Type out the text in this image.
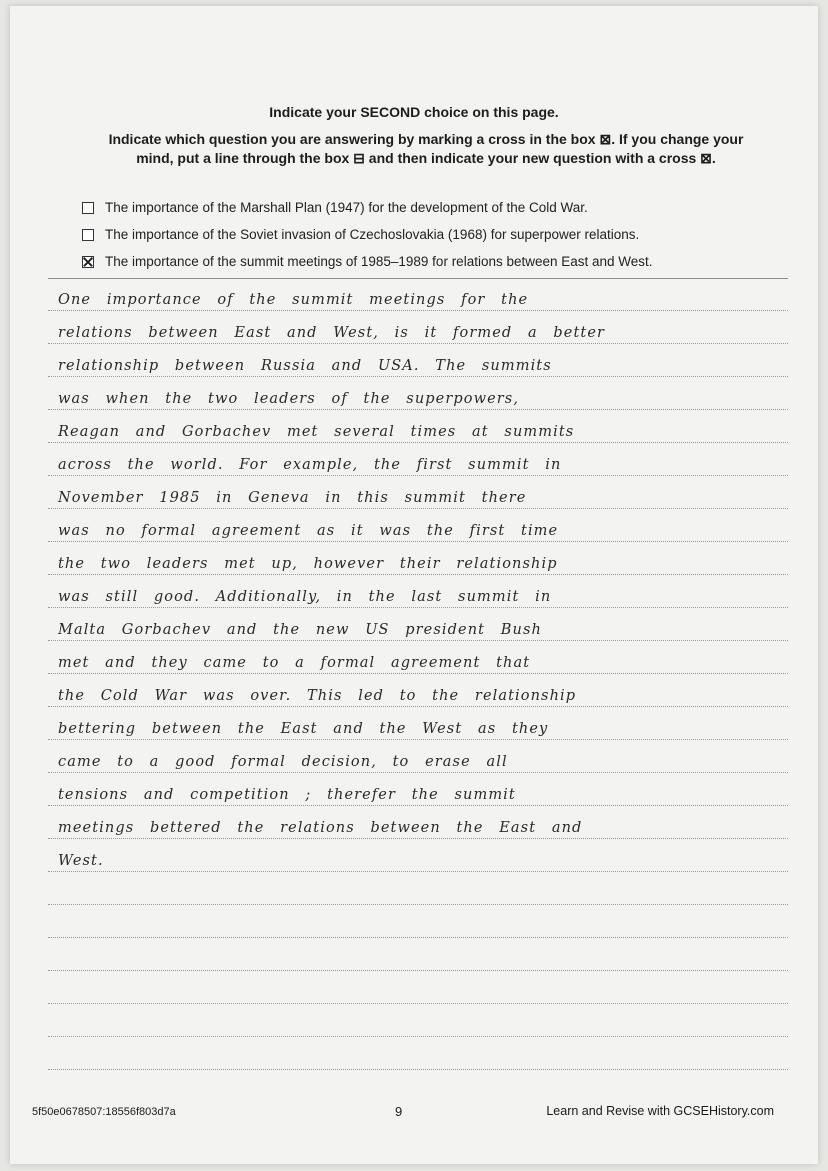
Indicate your SECOND choice on this page.

Indicate which question you are answering by marking a cross in the box ⊠. If you change your

mind, put a line through the box ⊟ and then indicate your new question with a cross ⊠.

The importance of the Marshall Plan (1947) for the development of the Cold War.
The importance of the Soviet invasion of Czechoslovakia (1968) for superpower relations.
The importance of the summit meetings of 1985–1989 for relations between East and West.
One importance of the summit meetings for the
relations between East and West, is it formed a better
relationship between Russia and USA. The summits
was when the two leaders of the superpowers,
Reagan and Gorbachev met several times at summits
across the world. For example, the first summit in
November 1985 in Geneva in this summit there
was no formal agreement as it was the first time
the two leaders met up, however their relationship
was still good. Additionally, in the last summit in
Malta Gorbachev and the new US president Bush
met and they came to a formal agreement that
the Cold War was over. This led to the relationship
bettering between the East and the West as they
came to a good formal decision, to erase all
tensions and competition ; therefer the summit
meetings bettered the relations between the East and
West.
5f50e0678507:18556f803d7a	9	Learn and Revise with GCSEHistory.com
